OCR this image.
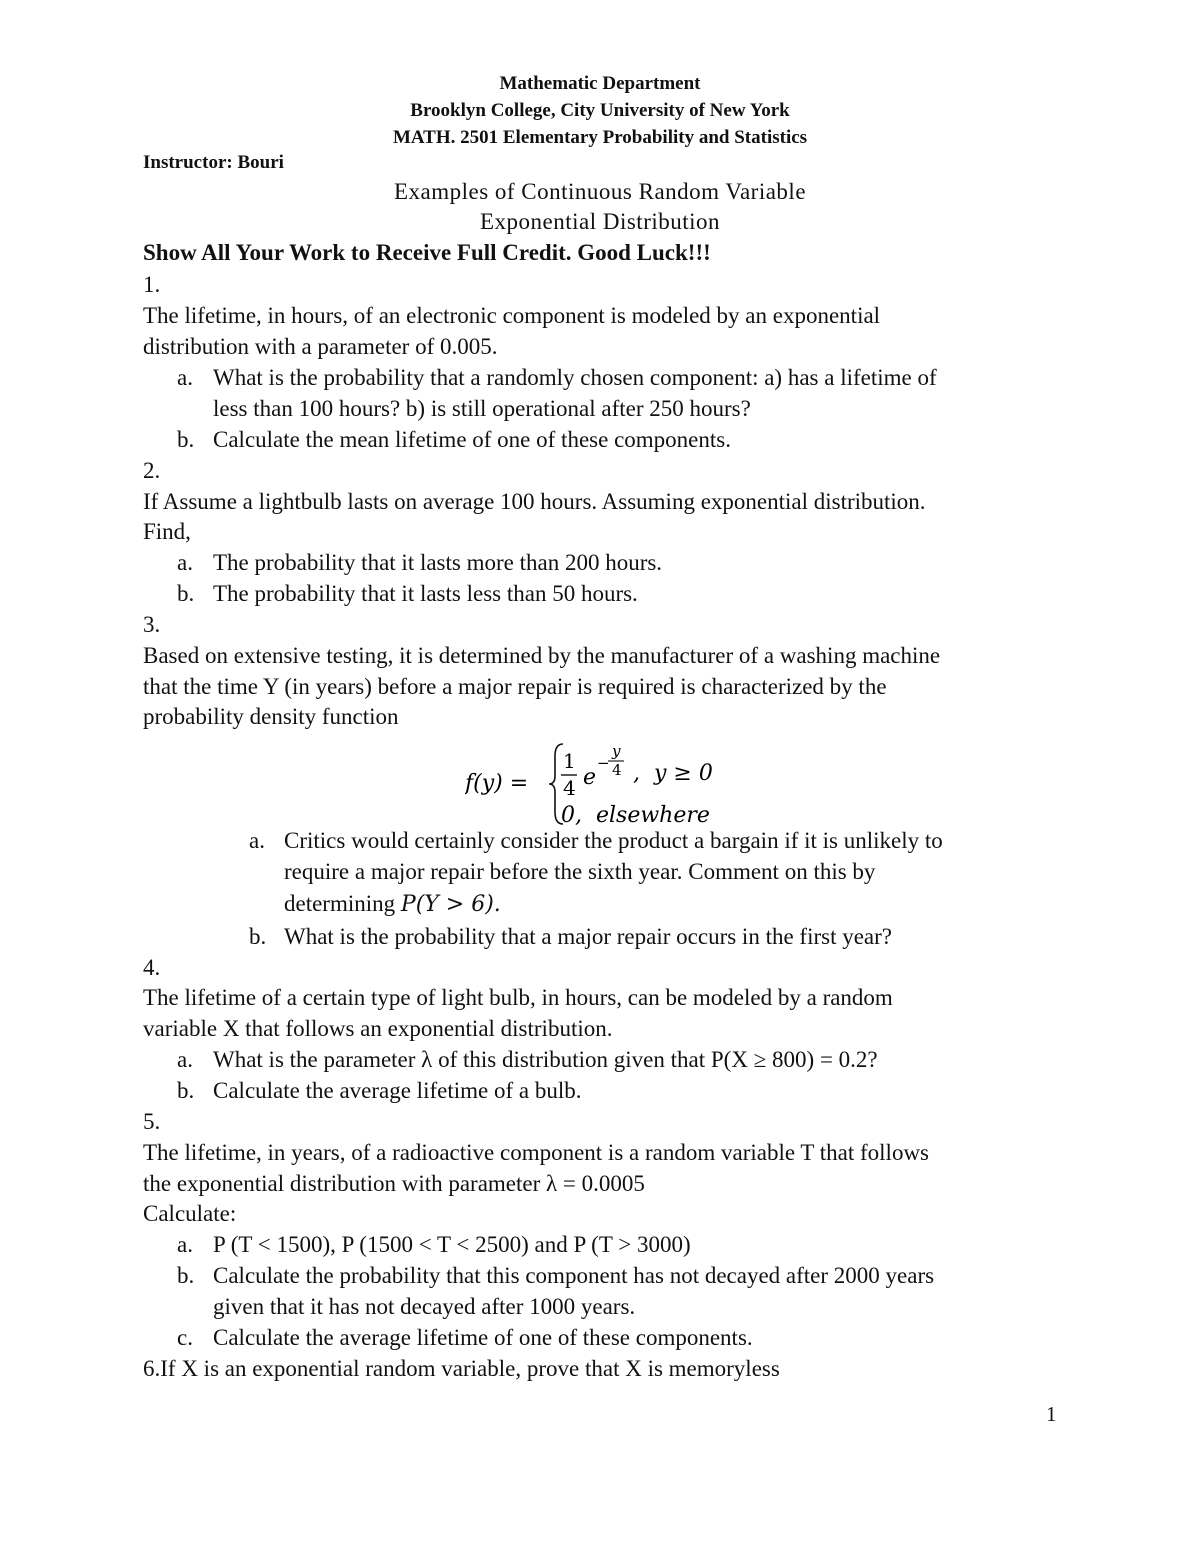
Mathematic Department
Brooklyn College, City University of New York
MATH. 2501 Elementary Probability and Statistics
Instructor: Bouri
Examples of Continuous Random Variable
Exponential Distribution
Show All Your Work to Receive Full Credit. Good Luck!!!
1.
The lifetime, in hours, of an electronic component is modeled by an exponential
distribution with a parameter of 0.005.
a. What is the probability that a randomly chosen component: a) has a lifetime of
less than 100 hours? b) is still operational after 250 hours?
b. Calculate the mean lifetime of one of these components.
2.
If Assume a lightbulb lasts on average 100 hours. Assuming exponential distribution.
Find,
a. The probability that it lasts more than 200 hours.
b. The probability that it lasts less than 50 hours.
3.
Based on extensive testing, it is determined by the manufacturer of a washing machine
that the time Y (in years) before a major repair is required is characterized by the
probability density function
f(y) =
1
4 e
−
y
4 ,  y ≥ 0
0,  elsewhere
a. Critics would certainly consider the product a bargain if it is unlikely to
require a major repair before the sixth year. Comment on this by
determining P(Y > 6).
b. What is the probability that a major repair occurs in the first year?
4.
The lifetime of a certain type of light bulb, in hours, can be modeled by a random
variable X that follows an exponential distribution.
a. What is the parameter λ of this distribution given that P(X ≥ 800) = 0.2?
b. Calculate the average lifetime of a bulb.
5.
The lifetime, in years, of a radioactive component is a random variable T that follows
the exponential distribution with parameter λ = 0.0005
Calculate:
a. P (T < 1500), P (1500 < T < 2500) and P (T > 3000)
b. Calculate the probability that this component has not decayed after 2000 years
given that it has not decayed after 1000 years.
c. Calculate the average lifetime of one of these components.
6.If X is an exponential random variable, prove that X is memoryless
1
